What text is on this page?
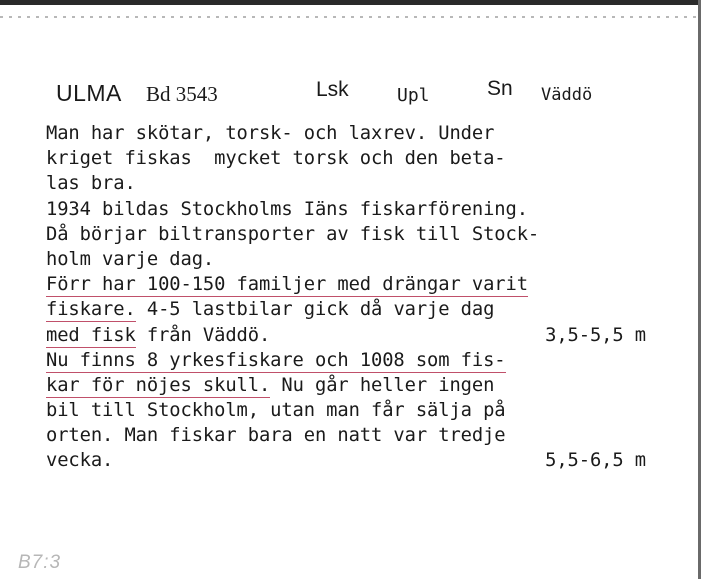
ULMA Bd 3543	Lsk	Upl	Sn Väddö
Man har skötar, torsk- och laxrev. Under
kriget fiskas  mycket torsk och den beta-
las bra.
1934 bildas Stockholms Iäns fiskarförening.
Då börjar biltransporter av fisk till Stock-
holm varje dag.
Förr har 100-150 familjer med drängar varit
fiskare. 4-5 lastbilar gick då varje dag
med fisk från Väddö.	3,5-5,5 m
Nu finns 8 yrkesfiskare och 1008 som fis-
kar för nöjes skull. Nu går heller ingen
bil till Stockholm, utan man får sälja på
orten. Man fiskar bara en natt var tredje
vecka.	5,5-6,5 m
B7:3
